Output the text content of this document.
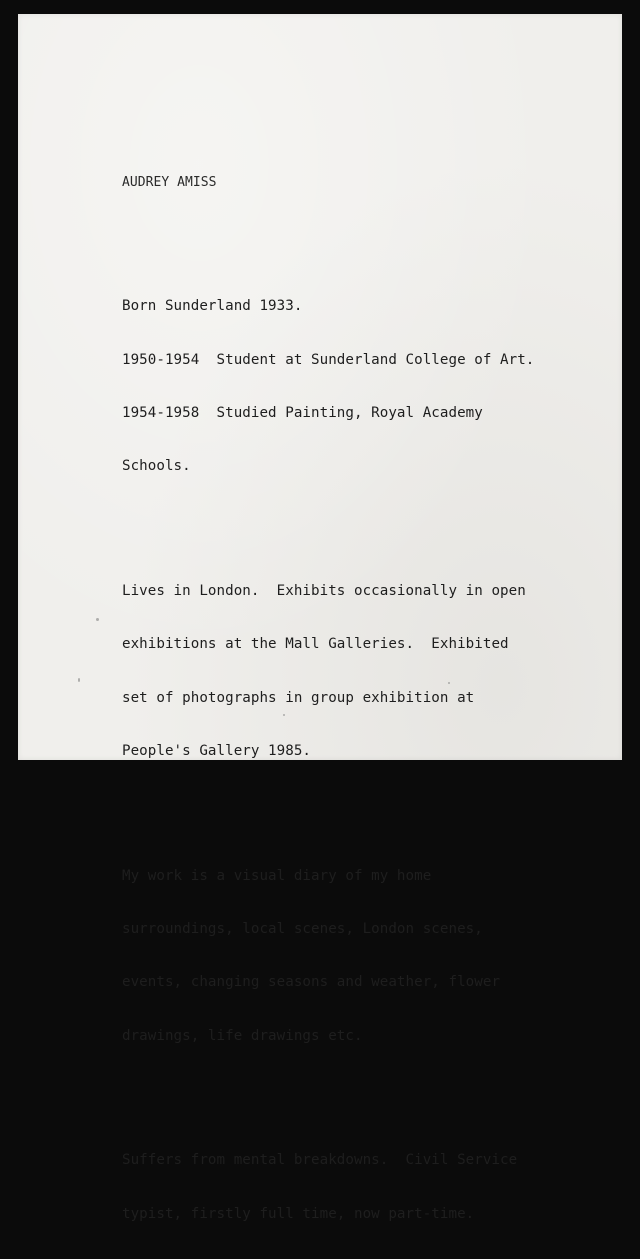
AUDREY AMISS

Born Sunderland 1933.

1950-1954  Student at Sunderland College of Art.

1954-1958  Studied Painting, Royal Academy

Schools.

Lives in London.  Exhibits occasionally in open

exhibitions at the Mall Galleries.  Exhibited

set of photographs in group exhibition at

People's Gallery 1985.

My work is a visual diary of my home

surroundings, local scenes, London scenes,

events, changing seasons and weather, flower

drawings, life drawings etc.

Suffers from mental breakdowns.  Civil Service

typist, firstly full time, now part-time.
